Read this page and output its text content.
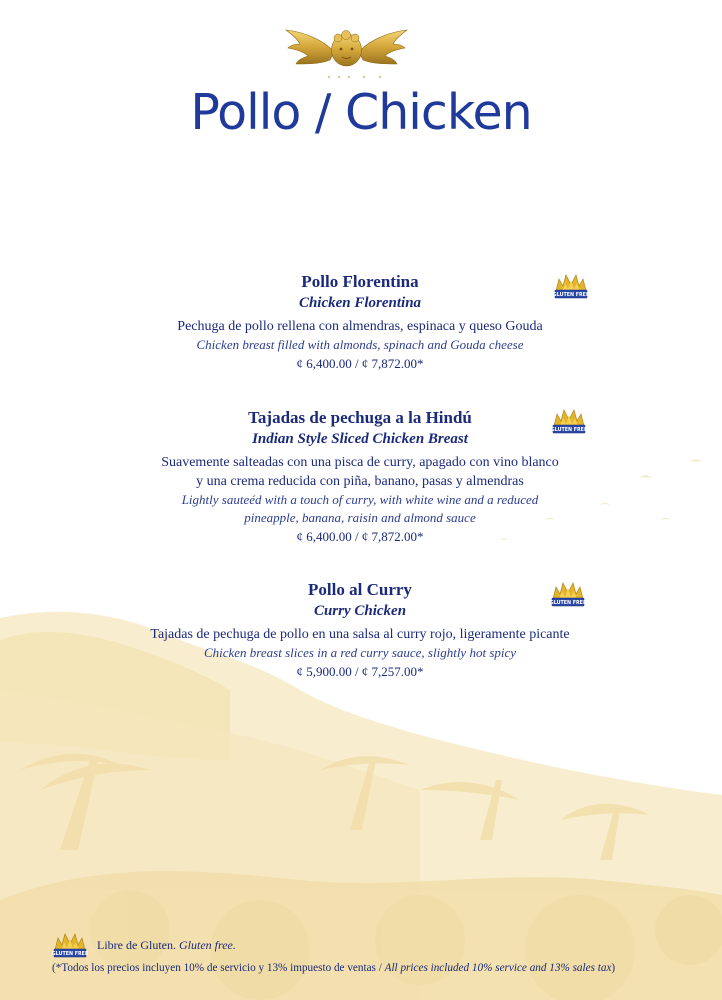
Pollo / Chicken
Pollo Florentina
Chicken Florentina
Pechuga de pollo rellena con almendras, espinaca y queso Gouda
Chicken breast filled with almonds, spinach and Gouda cheese
¢ 6,400.00 / ¢ 7,872.00*
Tajadas de pechuga a la Hindú
Indian Style Sliced Chicken Breast
Suavemente salteadas con una pisca de curry, apagado con vino blanco
y una crema reducida con piña, banano, pasas y almendras
Lightly sauteéd with a touch of curry, with white wine and a reduced
pineapple, banana, raisin and almond sauce
¢ 6,400.00 / ¢ 7,872.00*
Pollo al Curry
Curry Chicken
Tajadas de pechuga de pollo en una salsa al curry rojo, ligeramente picante
Chicken breast slices in a red curry sauce, slightly hot spicy
¢ 5,900.00 / ¢ 7,257.00*
GLUTEN FREE
GLUTEN FREE
GLUTEN FREE
GLUTEN FREE
Libre de Gluten. Gluten free.
(*Todos los precios incluyen 10% de servicio y 13% impuesto de ventas / All prices included 10% service and 13% sales tax)
